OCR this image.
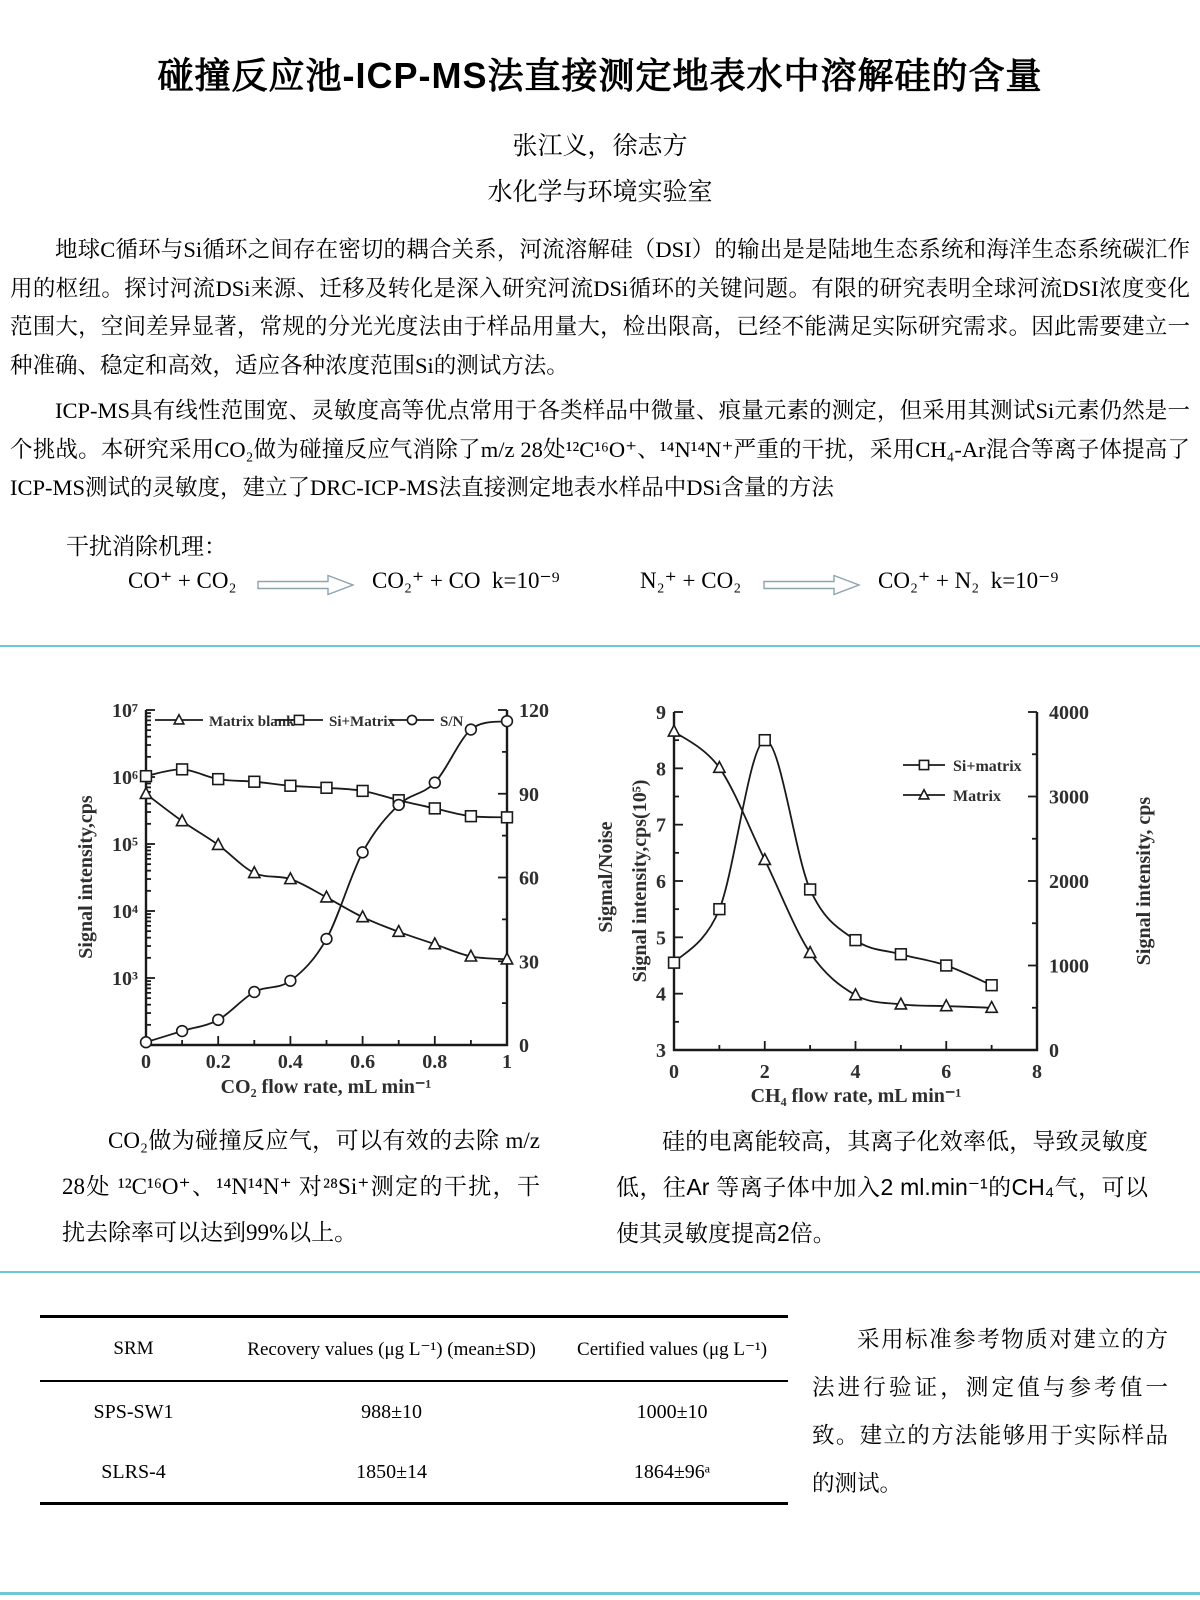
碰撞反应池-ICP-MS法直接测定地表水中溶解硅的含量
张江义，徐志方
水化学与环境实验室
地球C循环与Si循环之间存在密切的耦合关系，河流溶解硅（DSI）的输出是是陆地生态系统和海洋生态系统碳汇作用的枢纽。探讨河流DSi来源、迁移及转化是深入研究河流DSi循环的关键问题。有限的研究表明全球河流DSI浓度变化范围大，空间差异显著，常规的分光光度法由于样品用量大，检出限高，已经不能满足实际研究需求。因此需要建立一种准确、稳定和高效，适应各种浓度范围Si的测试方法。
ICP-MS具有线性范围宽、灵敏度高等优点常用于各类样品中微量、痕量元素的测定，但采用其测试Si元素仍然是一个挑战。本研究采用CO₂做为碰撞反应气消除了m/z 28处¹²C¹⁶O⁺、¹⁴N¹⁴N⁺严重的干扰，采用CH₄-Ar混合等离子体提高了ICP-MS测试的灵敏度，建立了DRC-ICP-MS法直接测定地表水样品中DSi含量的方法
干扰消除机理：
CO⁺ + CO₂	CO₂⁺ + CO  k=10⁻⁹	N₂⁺ + CO₂	CO₂⁺ + N₂  k=10⁻⁹
10³
10⁴
10⁵
10⁶
10⁷
0
30
60
90
120
0	0.2 0.4 0.6 0.8	1
CO₂ flow rate, mL min⁻¹
Signal intensity,cps	Sigmal/Noise
Matrix blank Si+Matrix	S/N
3
4
5
6
7
8
9
0
1000
2000
3000
4000
0	2	4	6	8
CH₄ flow rate, mL min⁻¹
Signal intensity,cps(10⁵)	Signal intensity, cps
Si+matrix
Matrix
CO₂做为碰撞反应气，可以有效的去除 m/z 28处 ¹²C¹⁶O⁺、¹⁴N¹⁴N⁺ 对²⁸Si⁺测定的干扰，干扰去除率可以达到99%以上。
硅的电离能较高，其离子化效率低，导致灵敏度低，往Ar 等离子体中加入2 ml.min⁻¹的CH₄气，可以使其灵敏度提高2倍。
SRM	Recovery values (μg L⁻¹) (mean±SD)	Certified values (μg L⁻¹)
SPS-SW1	988±10	1000±10
SLRS-4	1850±14	1864±96ᵃ
采用标准参考物质对建立的方法进行验证，测定值与参考值一致。建立的方法能够用于实际样品的测试。
